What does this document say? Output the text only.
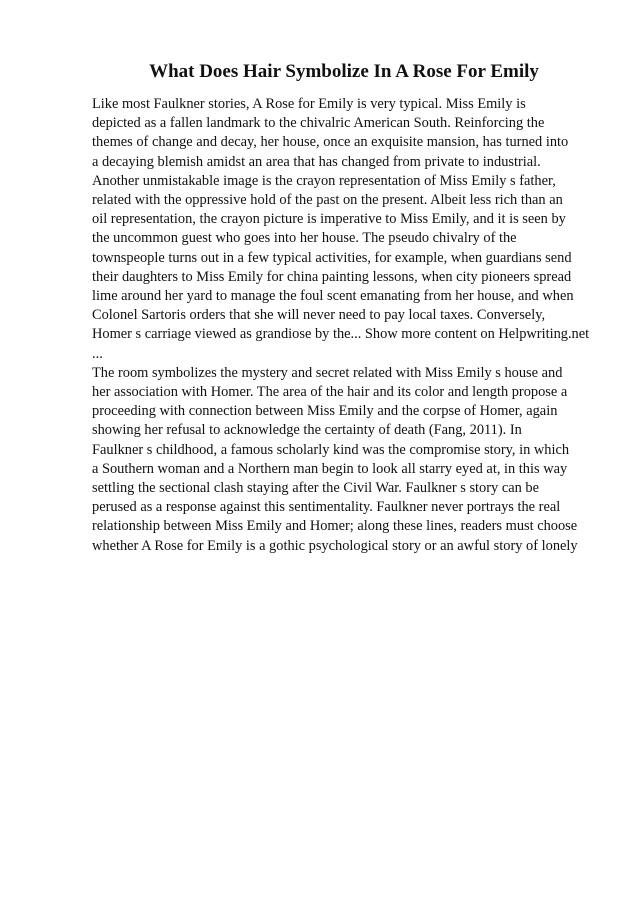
What Does Hair Symbolize In A Rose For Emily
Like most Faulkner stories, A Rose for Emily is very typical. Miss Emily is
depicted as a fallen landmark to the chivalric American South. Reinforcing the
themes of change and decay, her house, once an exquisite mansion, has turned into
a decaying blemish amidst an area that has changed from private to industrial.
Another unmistakable image is the crayon representation of Miss Emily s father,
related with the oppressive hold of the past on the present. Albeit less rich than an
oil representation, the crayon picture is imperative to Miss Emily, and it is seen by
the uncommon guest who goes into her house. The pseudo chivalry of the
townspeople turns out in a few typical activities, for example, when guardians send
their daughters to Miss Emily for china painting lessons, when city pioneers spread
lime around her yard to manage the foul scent emanating from her house, and when
Colonel Sartoris orders that she will never need to pay local taxes. Conversely,
Homer s carriage viewed as grandiose by the... Show more content on Helpwriting.net
...
The room symbolizes the mystery and secret related with Miss Emily s house and
her association with Homer. The area of the hair and its color and length propose a
proceeding with connection between Miss Emily and the corpse of Homer, again
showing her refusal to acknowledge the certainty of death (Fang, 2011). In
Faulkner s childhood, a famous scholarly kind was the compromise story, in which
a Southern woman and a Northern man begin to look all starry eyed at, in this way
settling the sectional clash staying after the Civil War. Faulkner s story can be
perused as a response against this sentimentality. Faulkner never portrays the real
relationship between Miss Emily and Homer; along these lines, readers must choose
whether A Rose for Emily is a gothic psychological story or an awful story of lonely
